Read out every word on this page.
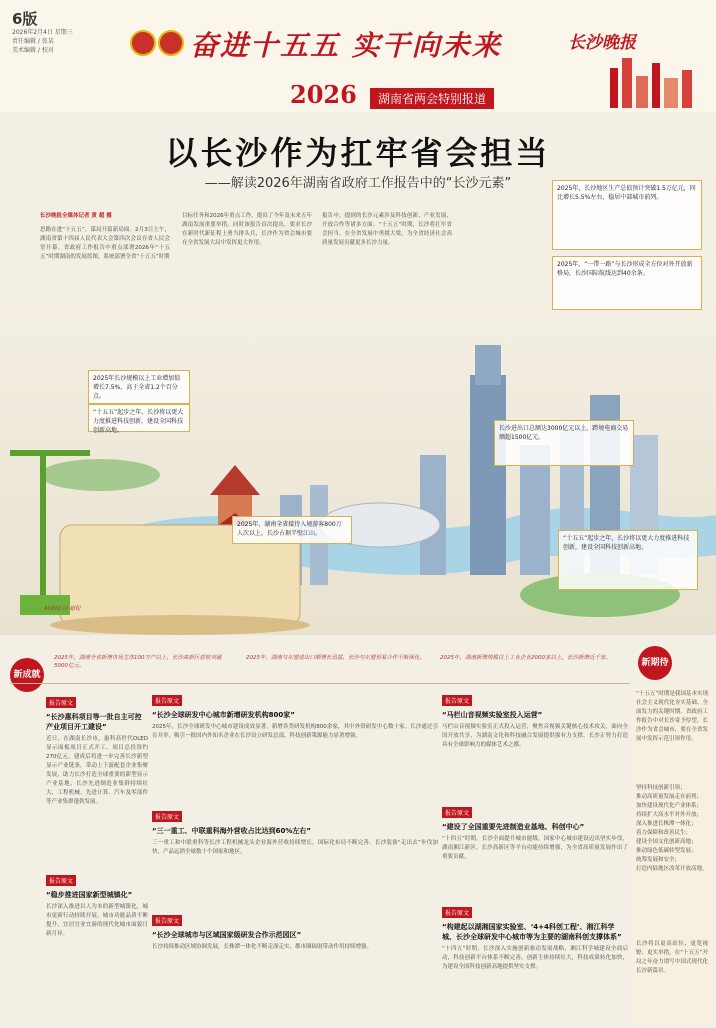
6版
2026年2月4日 星期三
责任编辑 / 张某
美术编辑 / 校对	奋进十五五 实干向未来	长沙晚报
2026	湖南省两会特别报道
以长沙作为扛牢省会担当
——解读2026年湖南省政府工作报告中的“长沙元素”
长沙晚报全媒体记者 黄 超 摄
思路在进“十五五”，谋局开篇新局面。2月3日上午，湖南省第十四届人民代表大会第四次会议在省人民会堂开幕。省政府工作报告中重点部署2026年“十五五”时期湖南的发展蓝图，系统部署全省“十五五”时期
目标任务和2026年重点工作，提出了今年及未来五年湖南发展重要举措。同时该报告首次提出，要求长沙在新时代新征程上勇当排头兵，长沙作为省会城市要在全省发展大局中发挥更大作用。
报告中，提到的长沙元素涉及科技创新、产业发展、开放合作等诸多方面。“十五五”时期，长沙将扛牢省会担当，在全省发展中勇挑大梁，为全省经济社会高质量发展贡献更多长沙力量。
2025年长沙规模以上工业增加值增长7.5%，高于全省1.2个百分点。
“十五五”起步之年，长沙将以更大力度推进科技创新，建设全国科技创新高地。
2025年，湖南全省接待入境游客800万人次以上，长沙占据半壁江山。
2025年，长沙地区生产总值预计突破1.5万亿元，同比增长5.5%左右，稳居中部城市前列。
2025年，“一带一路”与长沙形成全方位对外开放新格局，长沙国际航线达到40余条。
长沙进出口总额达3000亿元以上，跨境电商交易额超1500亿元。
“十五五”起步之年，长沙将以更大力度推进科技创新，建设全国科技创新高地。
AI制图 向 超程
新成就
新期待
2025年，湖南全省新增市场主体100万户以上，长沙高新区营收突破5000亿元。
2025年，湖南与东盟进出口额增长迅猛，长沙与东盟贸易合作不断深化。	2025年，湖南新增规模以上工业企业2000家以上，长沙新增近千家。
报告原文
“长沙惠科项目等一批自主可控产业项目开工建设”
近日，在湖南长沙市，惠科高世代OLED显示面板项目正式开工。项目总投资约270亿元，建成后将进一步完善长沙新型显示产业链条，带动上下游配套企业集聚发展，助力长沙打造全球重要的新型显示产业基地。长沙先进制造业集群持续壮大，工程机械、先进计算、汽车及零部件等产业集群蓬勃发展。
报告原文
“稳步推进国家新型城镇化”
长沙深入推进以人为本的新型城镇化，城市更新行动持续开展，城市功能品质不断提升，宜居宜业宜游的现代化城市面貌日新月异。
报告原文
“长沙全球研发中心城市新增研发机构800家”
2025年，长沙全球研发中心城市建设成效显著，新增各类研发机构800余家，其中外资研发中心数十家。长沙通过引育并举，吸引一批国内外知名企业在长沙设立研发总部，科技创新策源能力显著增强。
报告原文
“三一重工、中联重科海外营收占比达到60%左右”
三一重工和中联重科等长沙工程机械龙头企业海外营收持续增长，国际化布局不断完善。长沙装备“走出去”步伐加快，产品远销全球数十个国家和地区。
报告原文
“长沙全球城市与区域国家级研发合作示范园区”
长沙持续推动区域协调发展，长株潭一体化不断走深走实，都市圈辐射带动作用持续增强。
报告原文
“马栏山音视频实验室投入运营”
马栏山音视频实验室正式投入运营，聚焦音视频关键核心技术攻关，面向全国开放共享，为湖南文化和科技融合发展提供强有力支撑。长沙正努力打造具有全球影响力的媒体艺术之都。
报告原文
“建设了全国重要先进制造业基地、科创中心”
“十四五”时期，长沙全面提升城市能级，国家中心城市建设迈出坚实步伐，湖南湘江新区、长沙高新区等平台功能持续增强，为全省高质量发展作出了重要贡献。
报告原文
“构建起以湖湘国家实验室、‘4+4科创工程’、湘江科学城、长沙全球研发中心城市等为主要的湖南科创支撑体系”
“十四五”时期，长沙深入实施创新驱动发展战略，湘江科学城建设全面启动，科技创新平台体系不断完善，创新主体持续壮大，科技成果转化加快，为建设全国科技创新高地提供坚实支撑。
“十五五”时期是我国基本实现社会主义现代化夯实基础、全面发力的关键时期。省政府工作报告中对长沙寄予厚望，长沙作为省会城市，要在全省发展中发挥示范引领作用。
坚持科技创新引领；
推动高质量发展走在前列；
加快建设现代化产业体系；
持续扩大高水平对外开放；
深入推进长株潭一体化；
着力保障和改善民生；
建设全国文化创新高地；
推动绿色低碳转型发展；
统筹发展和安全；
打造内陆地区改革开放高地。
长沙将以更高站位、更宽视野、更实举措，在“十五五”开局之年奋力谱写中国式现代化长沙新篇章。
